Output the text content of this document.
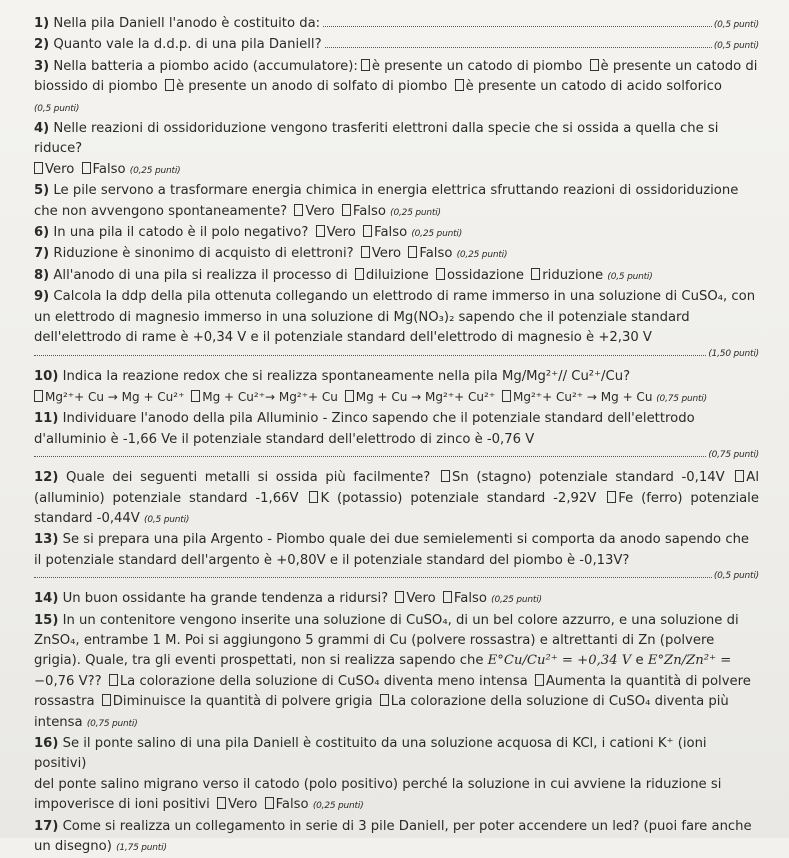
1) Nella pila Daniell l'anodo è costituito da:	(0,5 punti)
2) Quanto vale la d.d.p. di una pila Daniell?	(0,5 punti)
3) Nella batteria a piombo acido (accumulatore): è presente un catodo di piombo è presente un catodo di biossido di piombo è presente un anodo di solfato di piombo è presente un catodo di acido solforico
(0,5 punti)
4) Nelle reazioni di ossidoriduzione vengono trasferiti elettroni dalla specie che si ossida a quella che si riduce?
Vero Falso (0,25 punti)
5) Le pile servono a trasformare energia chimica in energia elettrica sfruttando reazioni di ossidoriduzione
che non avvengono spontaneamente? Vero Falso (0,25 punti)
6) In una pila il catodo è il polo negativo? Vero Falso (0,25 punti)
7) Riduzione è sinonimo di acquisto di elettroni? Vero Falso (0,25 punti)
8) All'anodo di una pila si realizza il processo di diluizione ossidazione riduzione (0,5 punti)
9) Calcola la ddp della pila ottenuta collegando un elettrodo di rame immerso in una soluzione di CuSO₄, con
un elettrodo di magnesio immerso in una soluzione di Mg(NO₃)₂ sapendo che il potenziale standard
dell'elettrodo di rame è +0,34 V e il potenziale standard dell'elettrodo di magnesio è +2,30 V
(1,50 punti)
10) Indica la reazione redox che si realizza spontaneamente nella pila Mg/Mg²⁺// Cu²⁺/Cu?
Mg²⁺+ Cu → Mg + Cu²⁺ Mg + Cu²⁺→ Mg²⁺+ Cu Mg + Cu → Mg²⁺+ Cu²⁺ Mg²⁺+ Cu²⁺ → Mg + Cu (0,75 punti)
11) Individuare l'anodo della pila Alluminio - Zinco sapendo che il potenziale standard dell'elettrodo
d'alluminio è -1,66 Ve il potenziale standard dell'elettrodo di zinco è -0,76 V
(0,75 punti)
12) Quale dei seguenti metalli si ossida più facilmente? Sn (stagno) potenziale standard -0,14V Al (alluminio) potenziale standard -1,66V K (potassio) potenziale standard -2,92V Fe (ferro) potenziale standard -0,44V (0,5 punti)
13) Se si prepara una pila Argento - Piombo quale dei due semielementi si comporta da anodo sapendo che
il potenziale standard dell'argento è +0,80V e il potenziale standard del piombo è -0,13V?
(0,5 punti)
14) Un buon ossidante ha grande tendenza a ridursi? Vero Falso (0,25 punti)
15) In un contenitore vengono inserite una soluzione di CuSO₄, di un bel colore azzurro, e una soluzione di
ZnSO₄, entrambe 1 M. Poi si aggiungono 5 grammi di Cu (polvere rossastra) e altrettanti di Zn (polvere
grigia). Quale, tra gli eventi prospettati, non si realizza sapendo che E°Cu/Cu²⁺ = +0,34 V e E°Zn/Zn²⁺ =
−0,76 V?? La colorazione della soluzione di CuSO₄ diventa meno intensa Aumenta la quantità di polvere rossastra Diminuisce la quantità di polvere grigia La colorazione della soluzione di CuSO₄ diventa più intensa (0,75 punti)
16) Se il ponte salino di una pila Daniell è costituito da una soluzione acquosa di KCl, i cationi K⁺ (ioni positivi)
del ponte salino migrano verso il catodo (polo positivo) perché la soluzione in cui avviene la riduzione si
impoverisce di ioni positivi Vero Falso (0,25 punti)
17) Come si realizza un collegamento in serie di 3 pile Daniell, per poter accendere un led? (puoi fare anche
un disegno) (1,75 punti)
